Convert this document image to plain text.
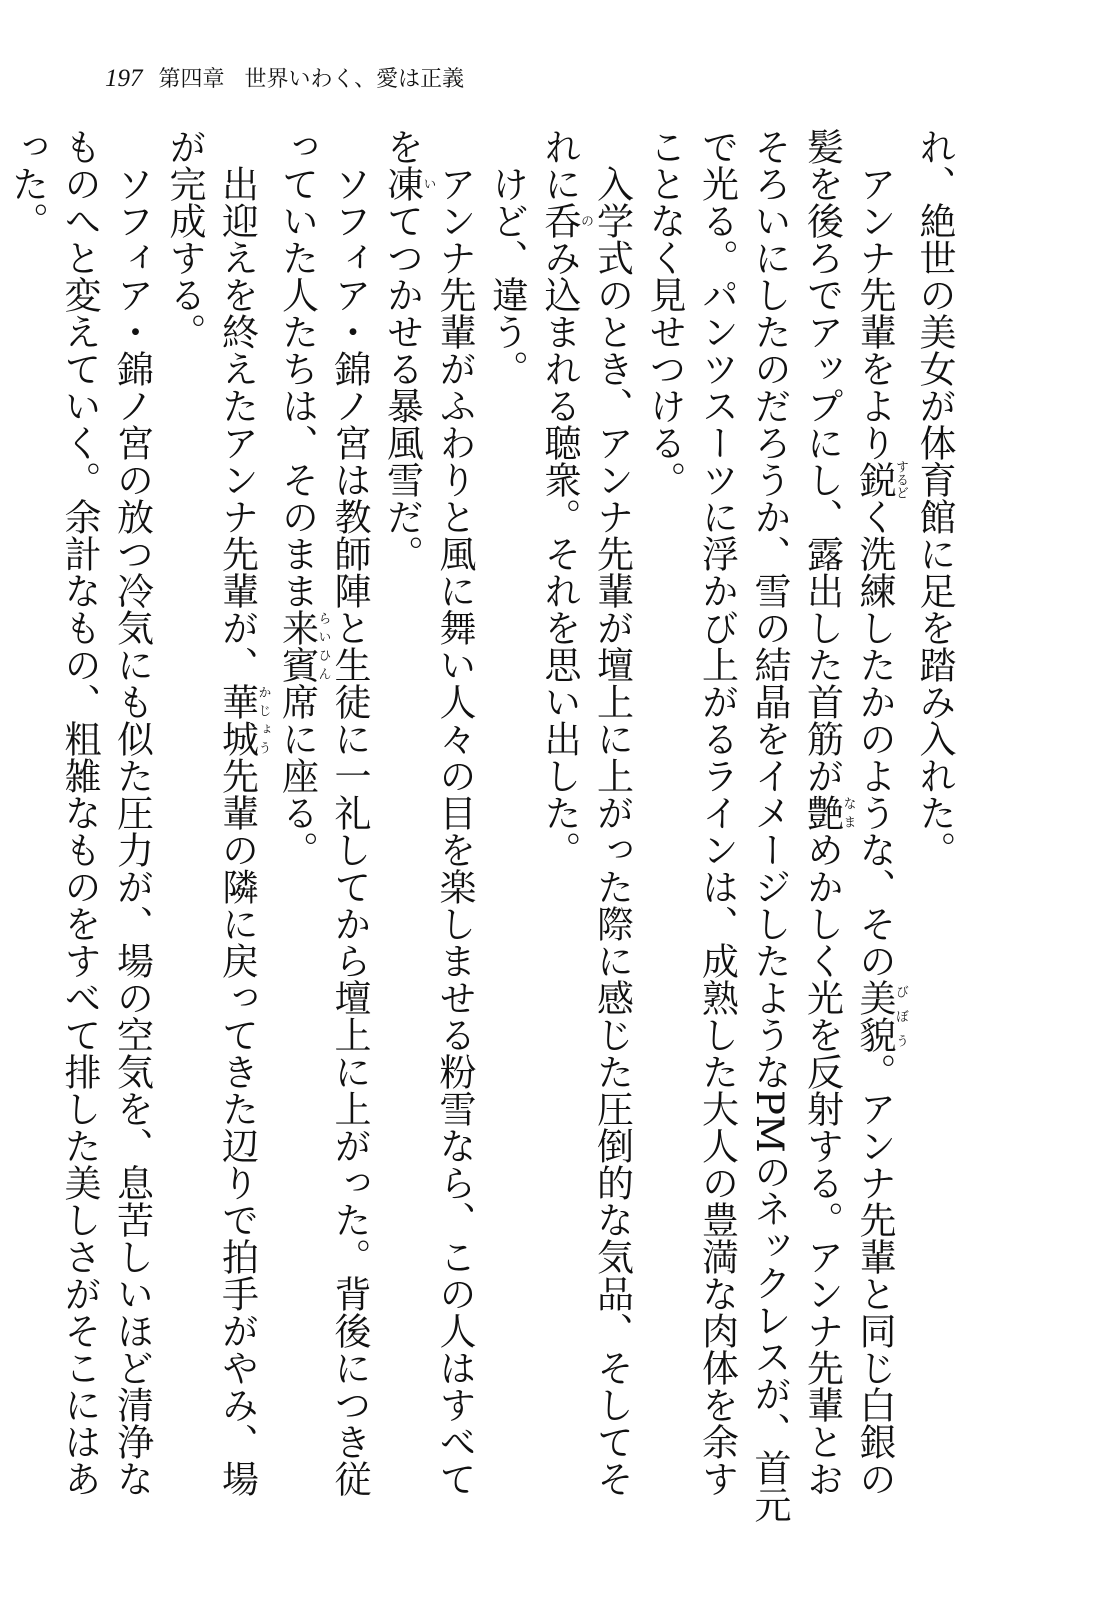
197 第四章 世界いわく、愛は正義

れ、絶世の美女が体育館に足を踏み入れた。

アンナ先輩をより鋭するどく洗練したかのような、その美貌びぼう。アンナ先輩と同じ白銀の髪を後ろでアップにし、露出した首筋が艶なまめかしく光を反射する。アンナ先輩とおそろいにしたのだろうか、雪の結晶をイメージしたようなPMのネックレスが、首元で光る。パンツスーツに浮かび上がるラインは、成熟した大人の豊満な肉体を余すことなく見せつける。

入学式のとき、アンナ先輩が壇上に上がった際に感じた圧倒的な気品、そしてそれに呑のみ込まれる聴衆。それを思い出した。

けど、違う。

アンナ先輩がふわりと風に舞い人々の目を楽しませる粉雪なら、この人はすべてを凍いてつかせる暴風雪だ。

ソフィア・錦ノ宮は教師陣と生徒に一礼してから壇上に上がった。背後につき従っていた人たちは、そのまま来賓らいひん席に座る。

出迎えを終えたアンナ先輩が、華城かじょう先輩の隣に戻ってきた辺りで拍手がやみ、場が完成する。

ソフィア・錦ノ宮の放つ冷気にも似た圧力が、場の空気を、息苦しいほど清浄なものへと変えていく。余計なもの、粗雑なものをすべて排した美しさがそこにはあった。
